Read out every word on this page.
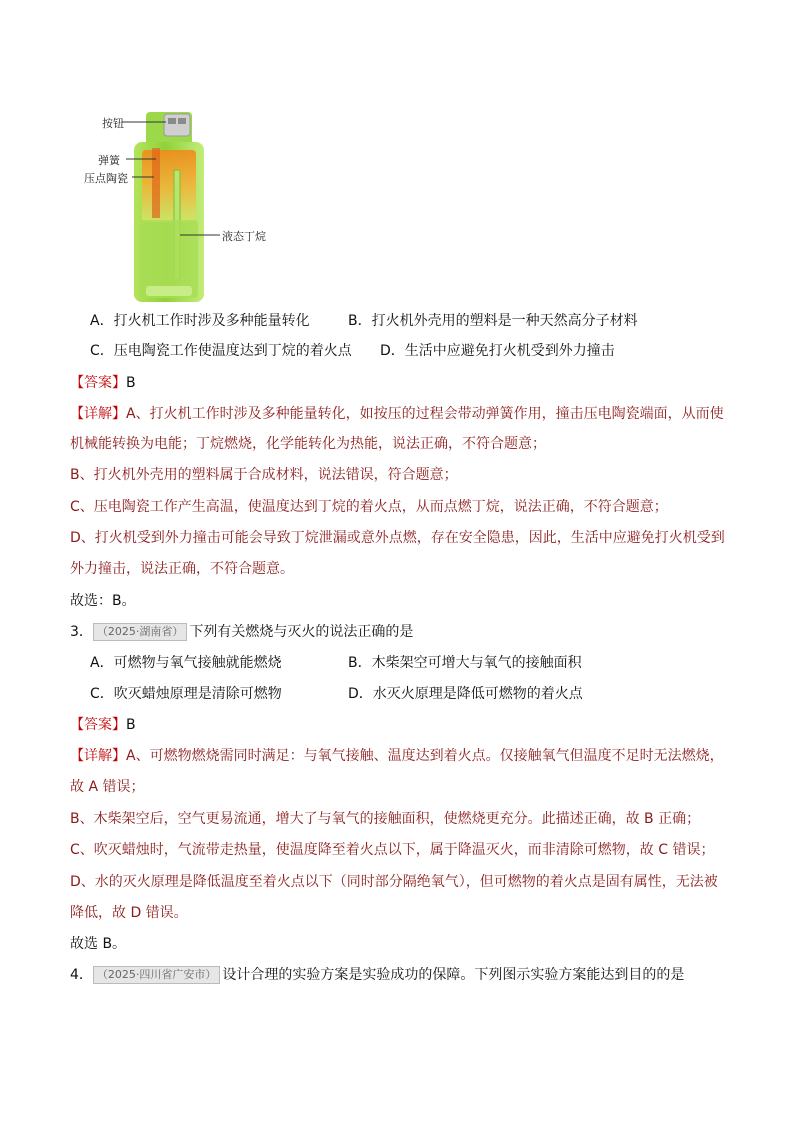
按钮
弹簧
压点陶瓷
液态丁烷
A．打火机工作时涉及多种能量转化	B．打火机外壳用的塑料是一种天然高分子材料
C．压电陶瓷工作使温度达到丁烷的着火点 D．生活中应避免打火机受到外力撞击
【答案】B
【详解】A、打火机工作时涉及多种能量转化，如按压的过程会带动弹簧作用，撞击压电陶瓷端面，从而使
机械能转换为电能；丁烷燃烧，化学能转化为热能，说法正确，不符合题意；
B、打火机外壳用的塑料属于合成材料，说法错误，符合题意；
C、压电陶瓷工作产生高温，使温度达到丁烷的着火点，从而点燃丁烷，说法正确，不符合题意；
D、打火机受到外力撞击可能会导致丁烷泄漏或意外点燃，存在安全隐患，因此，生活中应避免打火机受到
外力撞击，说法正确，不符合题意。
故选：B。
3． （2025·湖南省） 下列有关燃烧与灭火的说法正确的是
A．可燃物与氧气接触就能燃烧	B．木柴架空可增大与氧气的接触面积
C．吹灭蜡烛原理是清除可燃物	D．水灭火原理是降低可燃物的着火点
【答案】B
【详解】A、可燃物燃烧需同时满足：与氧气接触、温度达到着火点。仅接触氧气但温度不足时无法燃烧，
故 A 错误；
B、木柴架空后，空气更易流通，增大了与氧气的接触面积，使燃烧更充分。此描述正确，故 B 正确；
C、吹灭蜡烛时，气流带走热量，使温度降至着火点以下，属于降温灭火，而非清除可燃物，故 C 错误；
D、水的灭火原理是降低温度至着火点以下（同时部分隔绝氧气），但可燃物的着火点是固有属性，无法被
降低，故 D 错误。
故选 B。
4． （2025·四川省广安市） 设计合理的实验方案是实验成功的保障。下列图示实验方案能达到目的的是
